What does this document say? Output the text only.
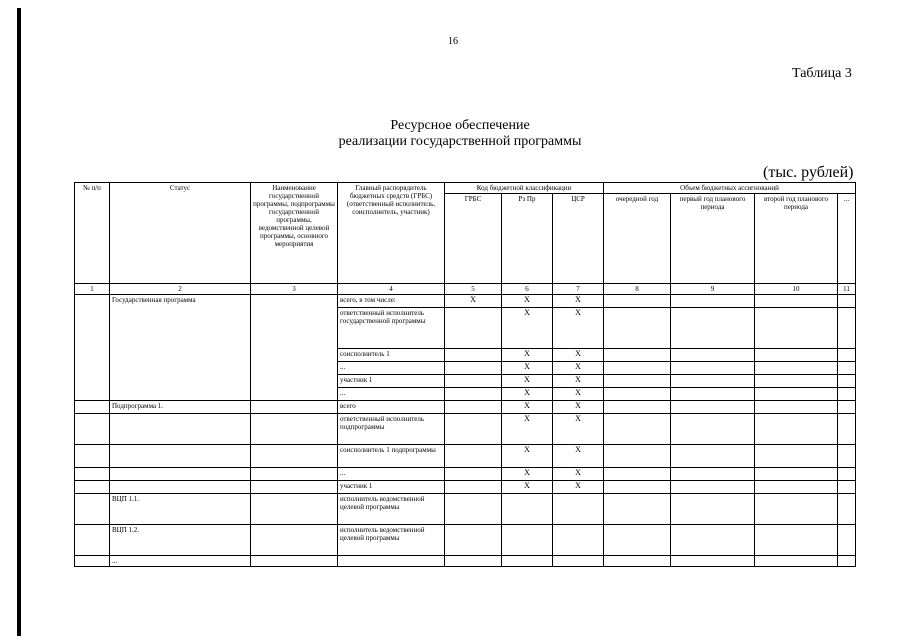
16
Таблица 3
Ресурсное обеспечение
реализации государственной программы
(тыс. рублей)
№ п/п	Статус	Наименование государственной программы, подпрограммы государственной программы, ведомственной целевой программы, основного мероприятия	Главный распорядитель бюджетных средств (ГРБС) (ответственный исполнитель, соисполнитель, участник)	Код бюджетной классификации			Объем бюджетных ассигнований			
				ГРБС	Рз Пр	ЦСР	очередной год	первый год планового периода	второй год планового периода	...
1	2	3	4	5	6	7	8	9	10	11
	Государственная программа		всего, в том числе:	X	X	X				
			ответственный исполнитель государственной программы		X	X				
			соисполнитель 1		X	X				
			...		X	X				
			участник 1		X	X				
			...		X	X				
	Подпрограмма 1.		всего		X	X				
			ответственный исполнитель подпрограммы		X	X				
			соисполнитель 1 подпрограммы		X	X				
			...		X	X				
			участник 1		X	X				
	ВЦП 1.1.		исполнитель ведомственной целевой программы							
	ВЦП 1.2.		исполнитель ведомственной целевой программы							
	...									
